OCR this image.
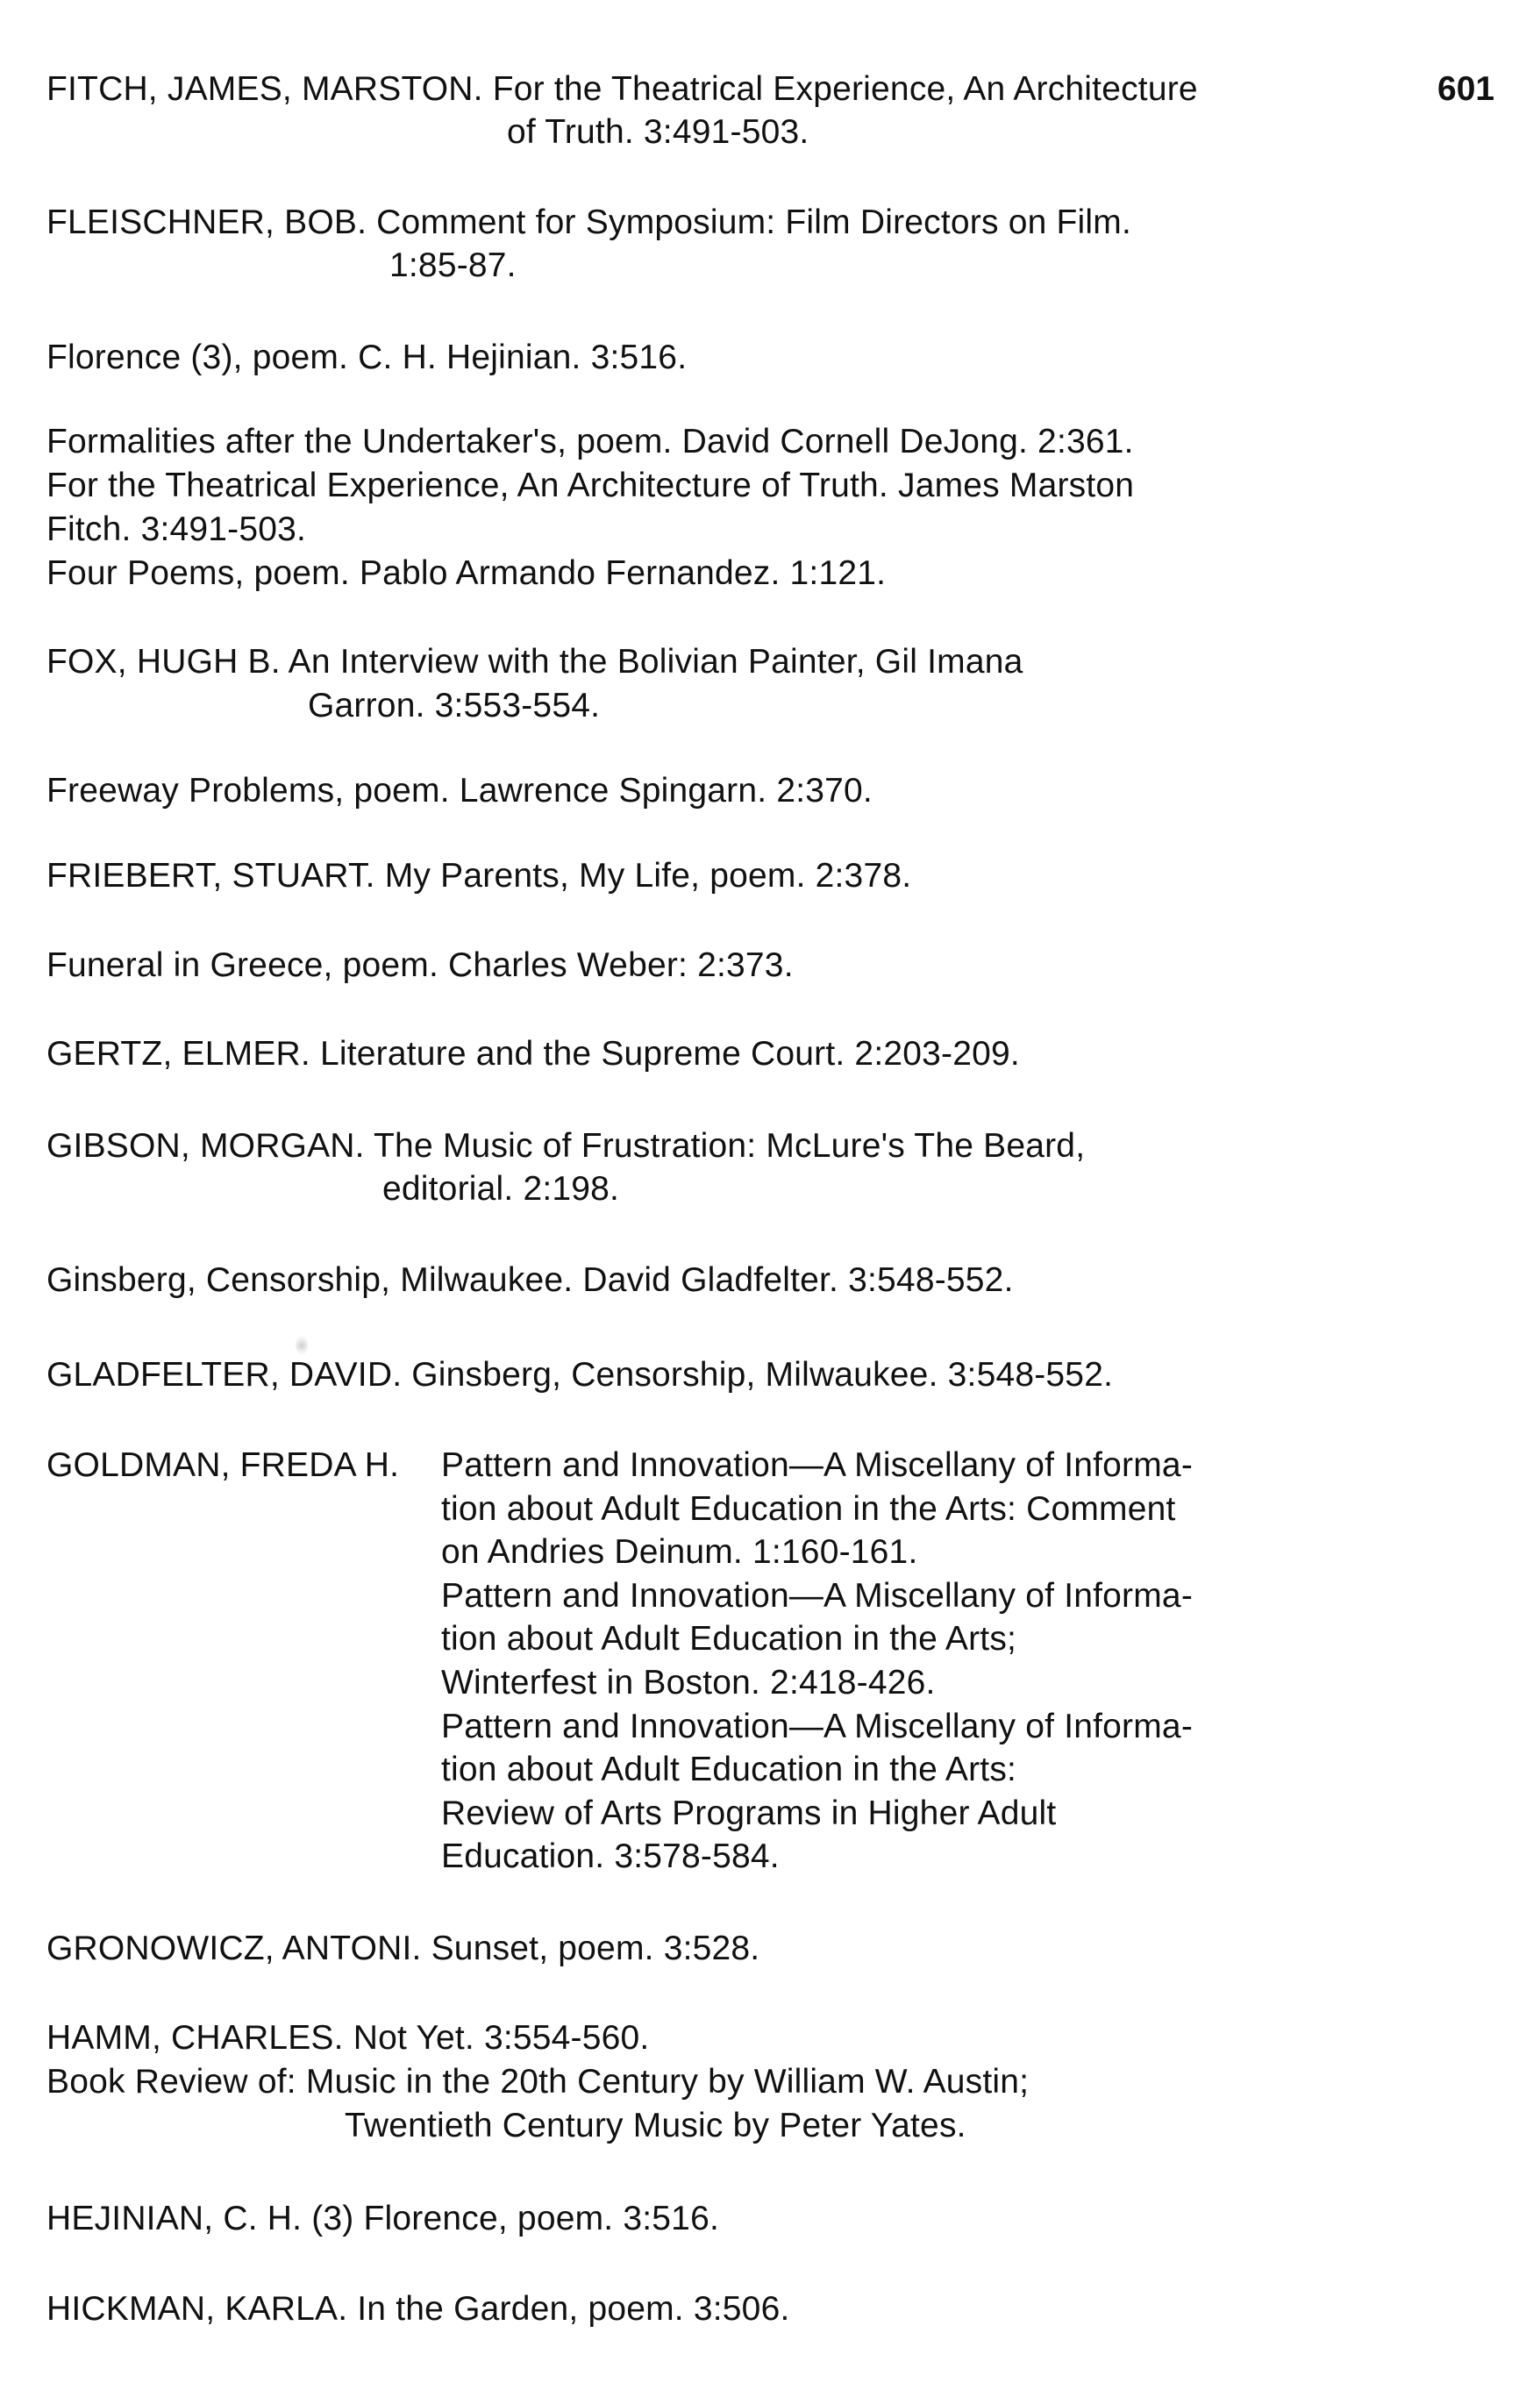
601
FITCH, JAMES, MARSTON. For the Theatrical Experience, An Architecture
of Truth. 3:491-503.
FLEISCHNER, BOB. Comment for Symposium: Film Directors on Film.
1:85-87.
Florence (3), poem. C. H. Hejinian. 3:516.
Formalities after the Undertaker's, poem. David Cornell DeJong. 2:361.
For the Theatrical Experience, An Architecture of Truth. James Marston
Fitch. 3:491-503.
Four Poems, poem. Pablo Armando Fernandez. 1:121.
FOX, HUGH B. An Interview with the Bolivian Painter, Gil Imana
Garron. 3:553-554.
Freeway Problems, poem. Lawrence Spingarn. 2:370.
FRIEBERT, STUART. My Parents, My Life, poem. 2:378.
Funeral in Greece, poem. Charles Weber: 2:373.
GERTZ, ELMER. Literature and the Supreme Court. 2:203-209.
GIBSON, MORGAN. The Music of Frustration: McLure's The Beard,
editorial. 2:198.
Ginsberg, Censorship, Milwaukee. David Gladfelter. 3:548-552.
GLADFELTER, DAVID. Ginsberg, Censorship, Milwaukee. 3:548-552.
GOLDMAN, FREDA H. Pattern and Innovation—A Miscellany of Informa-
tion about Adult Education in the Arts: Comment
on Andries Deinum. 1:160-161.
Pattern and Innovation—A Miscellany of Informa-
tion about Adult Education in the Arts;
Winterfest in Boston. 2:418-426.
Pattern and Innovation—A Miscellany of Informa-
tion about Adult Education in the Arts:
Review of Arts Programs in Higher Adult
Education. 3:578-584.
GRONOWICZ, ANTONI. Sunset, poem. 3:528.
HAMM, CHARLES. Not Yet. 3:554-560.
Book Review of: Music in the 20th Century by William W. Austin;
Twentieth Century Music by Peter Yates.
HEJINIAN, C. H. (3) Florence, poem. 3:516.
HICKMAN, KARLA. In the Garden, poem. 3:506.
